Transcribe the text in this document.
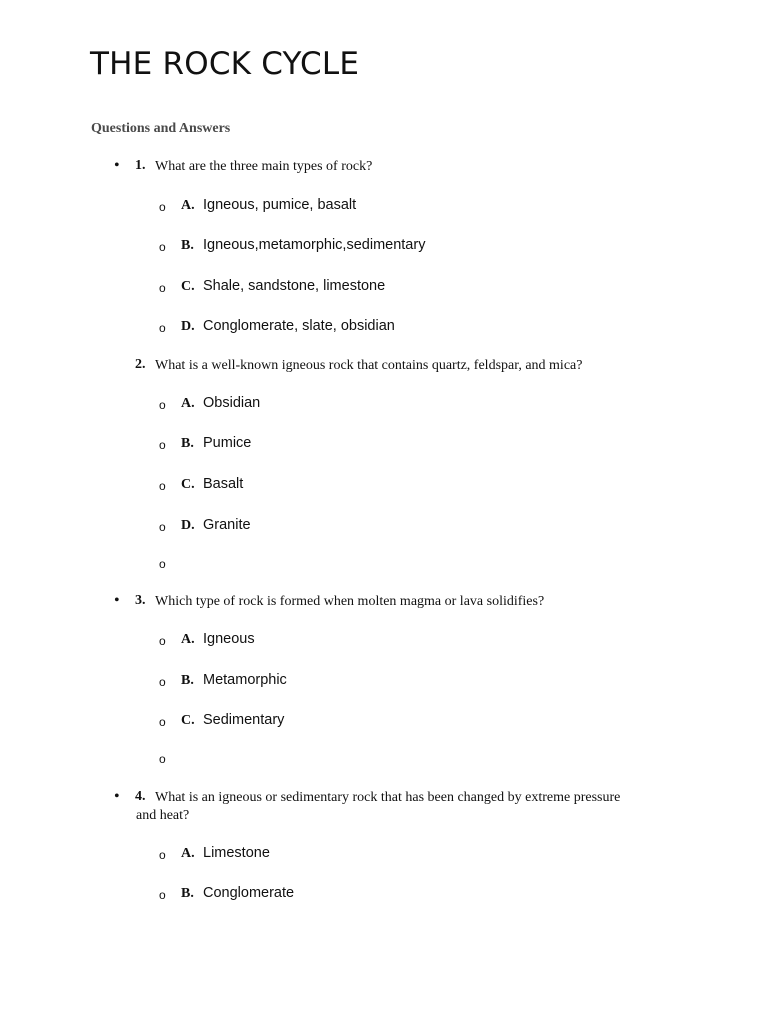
THE ROCK CYCLE

Questions and Answers

• 1. What are the three main types of rock?
o A. Igneous, pumice, basalt
o B. Igneous,metamorphic,sedimentary
o C. Shale, sandstone, limestone
o D. Conglomerate, slate, obsidian
2. What is a well-known igneous rock that contains quartz, feldspar, and mica?
o A. Obsidian
o B. Pumice
o C. Basalt
o D. Granite
o
• 3. Which type of rock is formed when molten magma or lava solidifies?
o A. Igneous
o B. Metamorphic
o C. Sedimentary
o
• 4. What is an igneous or sedimentary rock that has been changed by extreme pressure
and heat?
o A. Limestone
o B. Conglomerate
